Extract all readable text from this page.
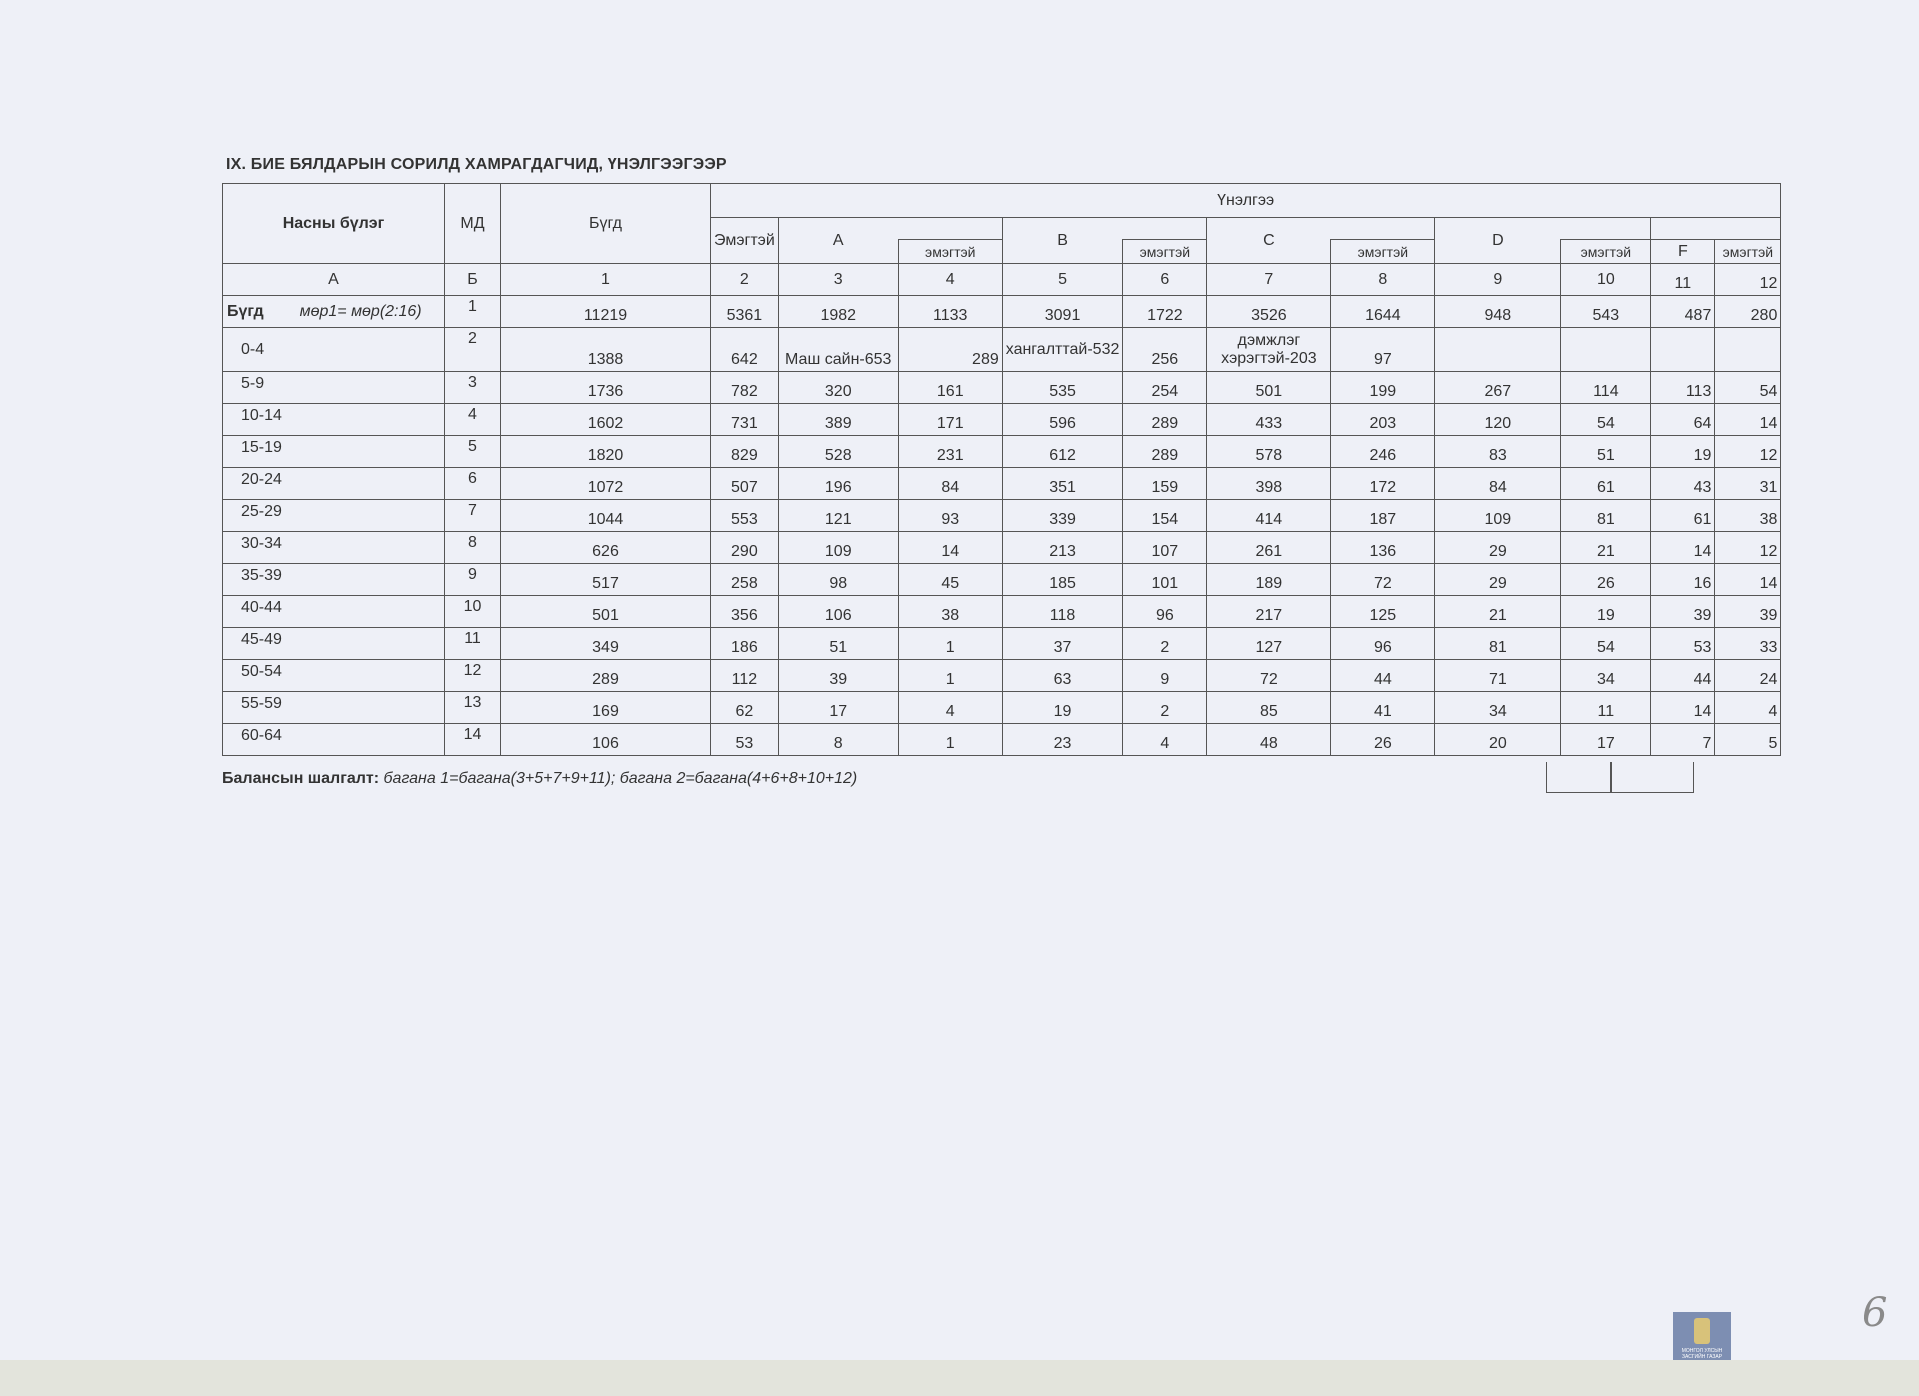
IX. БИЕ БЯЛДАРЫН СОРИЛД ХАМРАГДАГЧИД, ҮНЭЛГЭЭГЭЭР
Насны бүлэг	МД	Бүгд	Үнэлгээ										
			Эмэгтэй	A		B		C		D			
					эмэгтэй		эмэгтэй		эмэгтэй		эмэгтэй	F	эмэгтэй
А	Б	1	2	3	4	5	6	7	8	9	10	11	12
Бүгд мөр1= мөр(2:16)	1	11219	5361	1982	1133	3091	1722	3526	1644	948	543	487	280
0-4	2	1388	642	Маш сайн-653	289	хангалттай-532	256	дэмжлэг хэрэгтэй-203	97				
5-9	3	1736	782	320	161	535	254	501	199	267	114	113	54
10-14	4	1602	731	389	171	596	289	433	203	120	54	64	14
15-19	5	1820	829	528	231	612	289	578	246	83	51	19	12
20-24	6	1072	507	196	84	351	159	398	172	84	61	43	31
25-29	7	1044	553	121	93	339	154	414	187	109	81	61	38
30-34	8	626	290	109	14	213	107	261	136	29	21	14	12
35-39	9	517	258	98	45	185	101	189	72	29	26	16	14
40-44	10	501	356	106	38	118	96	217	125	21	19	39	39
45-49	11	349	186	51	1	37	2	127	96	81	54	53	33
50-54	12	289	112	39	1	63	9	72	44	71	34	44	24
55-59	13	169	62	17	4	19	2	85	41	34	11	14	4
60-64	14	106	53	8	1	23	4	48	26	20	17	7	5
Балансын шалгалт: багана 1=багана(3+5+7+9+11); багана 2=багана(4+6+8+10+12)
МОНГОЛ УЛСЫН ЗАСГИЙН ГАЗАР
6
